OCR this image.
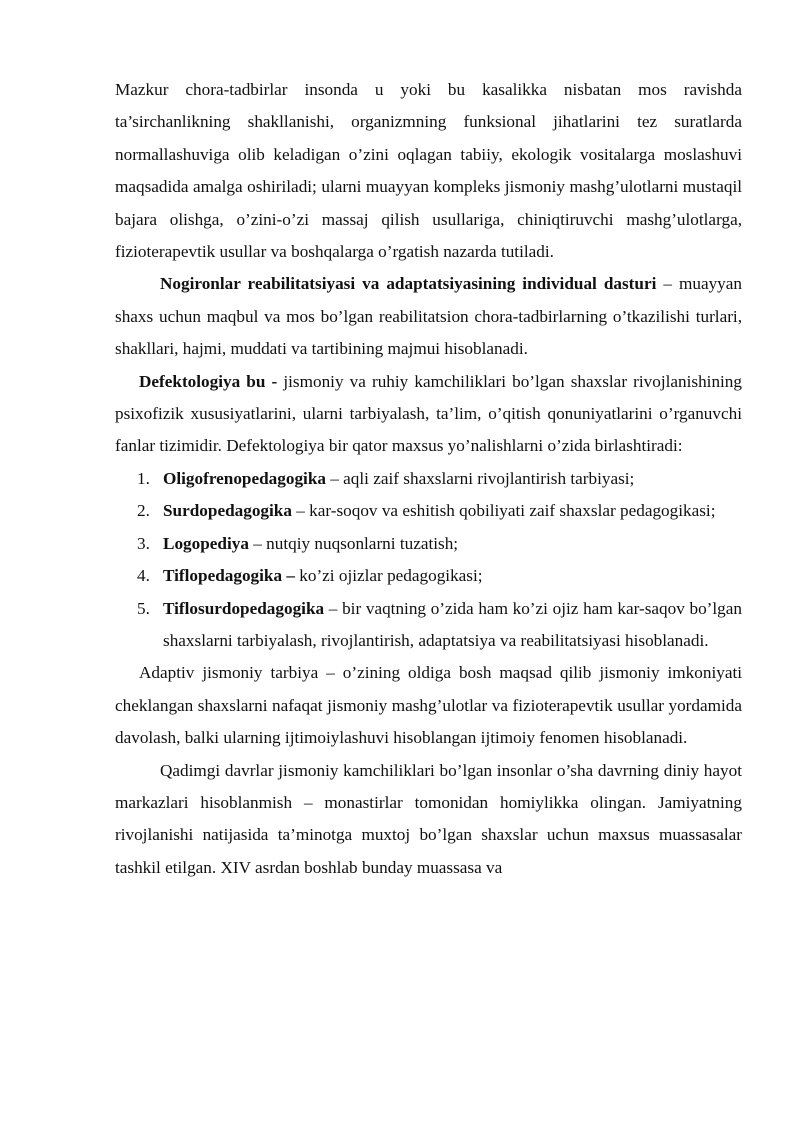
Mazkur chora-tadbirlar insonda u yoki bu kasalikka nisbatan mos ravishda ta’sirchanlikning shakllanishi, organizmning funksional jihatlarini tez suratlarda normallashuviga olib keladigan o’zini oqlagan tabiiy, ekologik vositalarga moslashuvi maqsadida amalga oshiriladi; ularni muayyan kompleks jismoniy mashg’ulotlarni mustaqil bajara olishga, o’zini-o’zi massaj qilish usullariga, chiniqtiruvchi mashg’ulotlarga, fizioterapevtik usullar va boshqalarga o’rgatish nazarda tutiladi.

Nogironlar reabilitatsiyasi va adaptatsiyasining individual dasturi – muayyan shaxs uchun maqbul va mos bo’lgan reabilitatsion chora-tadbirlarning o’tkazilishi turlari, shakllari, hajmi, muddati va tartibining majmui hisoblanadi.

Defektologiya bu - jismoniy va ruhiy kamchiliklari bo’lgan shaxslar rivojlanishining psixofizik xususiyatlarini, ularni tarbiyalash, ta’lim, o’qitish qonuniyatlarini o’rganuvchi fanlar tizimidir. Defektologiya bir qator maxsus yo’nalishlarni o’zida birlashtiradi:

1. Oligofrenopedagogika – aqli zaif shaxslarni rivojlantirish tarbiyasi;
2. Surdopedagogika – kar-soqov va eshitish qobiliyati zaif shaxslar pedagogikasi;
3. Logopediya – nutqiy nuqsonlarni tuzatish;
4. Tiflopedagogika – ko’zi ojizlar pedagogikasi;
5. Tiflosurdopedagogika – bir vaqtning o’zida ham ko’zi ojiz ham kar-saqov bo’lgan shaxslarni tarbiyalash, rivojlantirish, adaptatsiya va reabilitatsiyasi hisoblanadi.

Adaptiv jismoniy tarbiya – o’zining oldiga bosh maqsad qilib jismoniy imkoniyati cheklangan shaxslarni nafaqat jismoniy mashg’ulotlar va fizioterapevtik usullar yordamida davolash, balki ularning ijtimoiylashuvi hisoblangan ijtimoiy fenomen hisoblanadi.

Qadimgi davrlar jismoniy kamchiliklari bo’lgan insonlar o’sha davrning diniy hayot markazlari hisoblanmish – monastirlar tomonidan homiylikka olingan. Jamiyatning rivojlanishi natijasida ta’minotga muxtoj bo’lgan shaxslar uchun maxsus muassasalar tashkil etilgan. XIV asrdan boshlab bunday muassasa va
